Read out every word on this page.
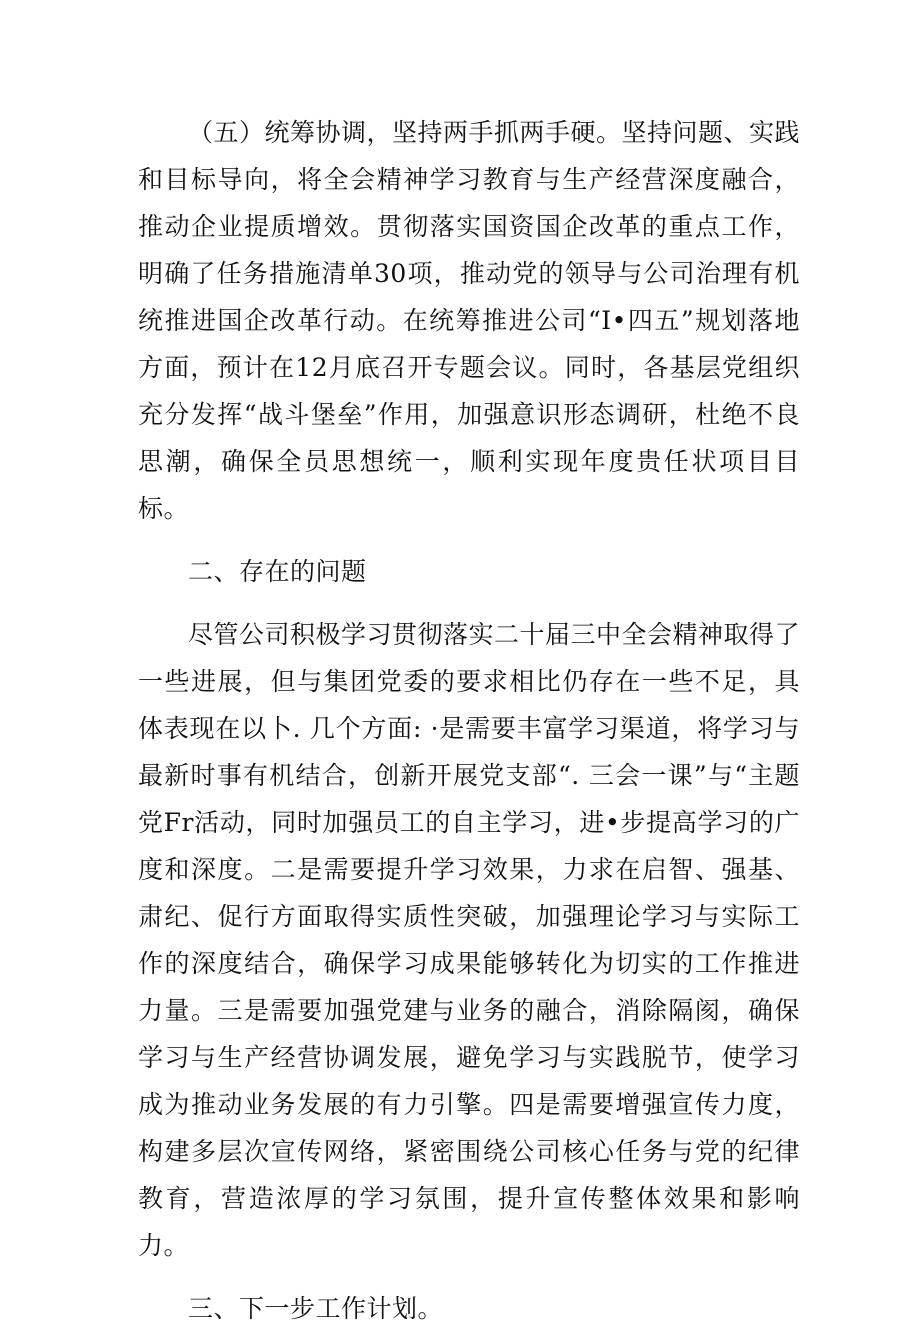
（五）统筹协调，坚持两手抓两手硬。坚持问题、实践和目标导向，将全会精神学习教育与生产经营深度融合，推动企业提质增效。贯彻落实国资国企改革的重点工作，明确了任务措施清单30项，推动党的领导与公司治理有机统推进国企改革行动。在统筹推进公司“I•四五”规划落地方面，预计在12月底召开专题会议。同时，各基层党组织充分发挥“战斗堡垒”作用，加强意识形态调研，杜绝不良思潮，确保全员思想统一，顺利实现年度贵任状项目目标。

二、存在的问题

尽管公司积极学习贯彻落实二十届三中全会精神取得了一些进展，但与集团党委的要求相比仍存在一些不足，具体表现在以卜. 几个方面: ·是需要丰富学习渠道，将学习与最新时事有机结合，创新开展党支部“. 三会一课”与“主题党Fr活动，同时加强员工的自主学习，进•步提高学习的广度和深度。二是需要提升学习效果，力求在启智、强基、肃纪、促行方面取得实质性突破，加强理论学习与实际工作的深度结合，确保学习成果能够转化为切实的工作推进力量。三是需要加强党建与业务的融合，消除隔阂，确保学习与生产经营协调发展，避免学习与实践脱节，使学习成为推动业务发展的有力引擎。四是需要增强宣传力度，构建多层次宣传网络，紧密围绕公司核心任务与党的纪律教育，营造浓厚的学习氛围，提升宣传整体效果和影响力。

三、下一步工作计划。
